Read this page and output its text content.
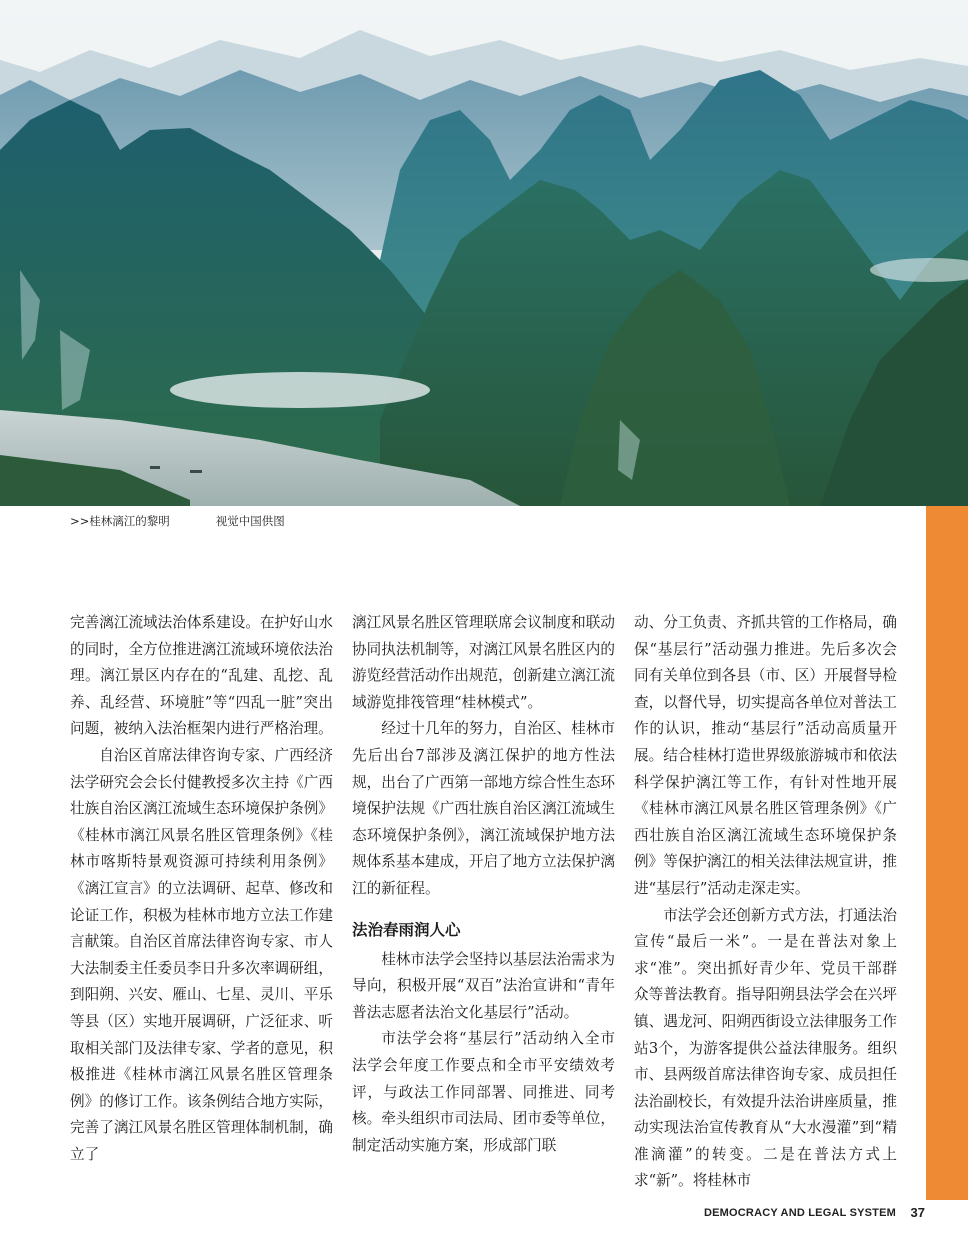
>>桂林漓江的黎明	视觉中国供图

完善漓江流域法治体系建设。在护好山水的同时，全方位推进漓江流域环境依法治理。漓江景区内存在的“乱建、乱挖、乱养、乱经营、环境脏”等“四乱一脏”突出问题，被纳入法治框架内进行严格治理。

自治区首席法律咨询专家、广西经济法学研究会会长付健教授多次主持《广西壮族自治区漓江流域生态环境保护条例》《桂林市漓江风景名胜区管理条例》《桂林市喀斯特景观资源可持续利用条例》《漓江宣言》的立法调研、起草、修改和论证工作，积极为桂林市地方立法工作建言献策。自治区首席法律咨询专家、市人大法制委主任委员李日升多次率调研组，到阳朔、兴安、雁山、七星、灵川、平乐等县（区）实地开展调研，广泛征求、听取相关部门及法律专家、学者的意见，积极推进《桂林市漓江风景名胜区管理条例》的修订工作。该条例结合地方实际，完善了漓江风景名胜区管理体制机制，确立了

漓江风景名胜区管理联席会议制度和联动协同执法机制等，对漓江风景名胜区内的游览经营活动作出规范，创新建立漓江流域游览排筏管理“桂林模式”。

经过十几年的努力，自治区、桂林市先后出台7部涉及漓江保护的地方性法规，出台了广西第一部地方综合性生态环境保护法规《广西壮族自治区漓江流域生态环境保护条例》，漓江流域保护地方法规体系基本建成，开启了地方立法保护漓江的新征程。

法治春雨润人心

桂林市法学会坚持以基层法治需求为导向，积极开展“双百”法治宣讲和“青年普法志愿者法治文化基层行”活动。

市法学会将“基层行”活动纳入全市法学会年度工作要点和全市平安绩效考评，与政法工作同部署、同推进、同考核。牵头组织市司法局、团市委等单位，制定活动实施方案，形成部门联

动、分工负责、齐抓共管的工作格局，确保“基层行”活动强力推进。先后多次会同有关单位到各县（市、区）开展督导检查，以督代导，切实提高各单位对普法工作的认识，推动“基层行”活动高质量开展。结合桂林打造世界级旅游城市和依法科学保护漓江等工作，有针对性地开展《桂林市漓江风景名胜区管理条例》《广西壮族自治区漓江流域生态环境保护条例》等保护漓江的相关法律法规宣讲，推进“基层行”活动走深走实。

市法学会还创新方式方法，打通法治宣传“最后一米”。一是在普法对象上求“准”。突出抓好青少年、党员干部群众等普法教育。指导阳朔县法学会在兴坪镇、遇龙河、阳朔西街设立法律服务工作站3个，为游客提供公益法律服务。组织市、县两级首席法律咨询专家、成员担任法治副校长，有效提升法治讲座质量，推动实现法治宣传教育从“大水漫灌”到“精准滴灌”的转变。二是在普法方式上求“新”。将桂林市

DEMOCRACY AND LEGAL SYSTEM 37
